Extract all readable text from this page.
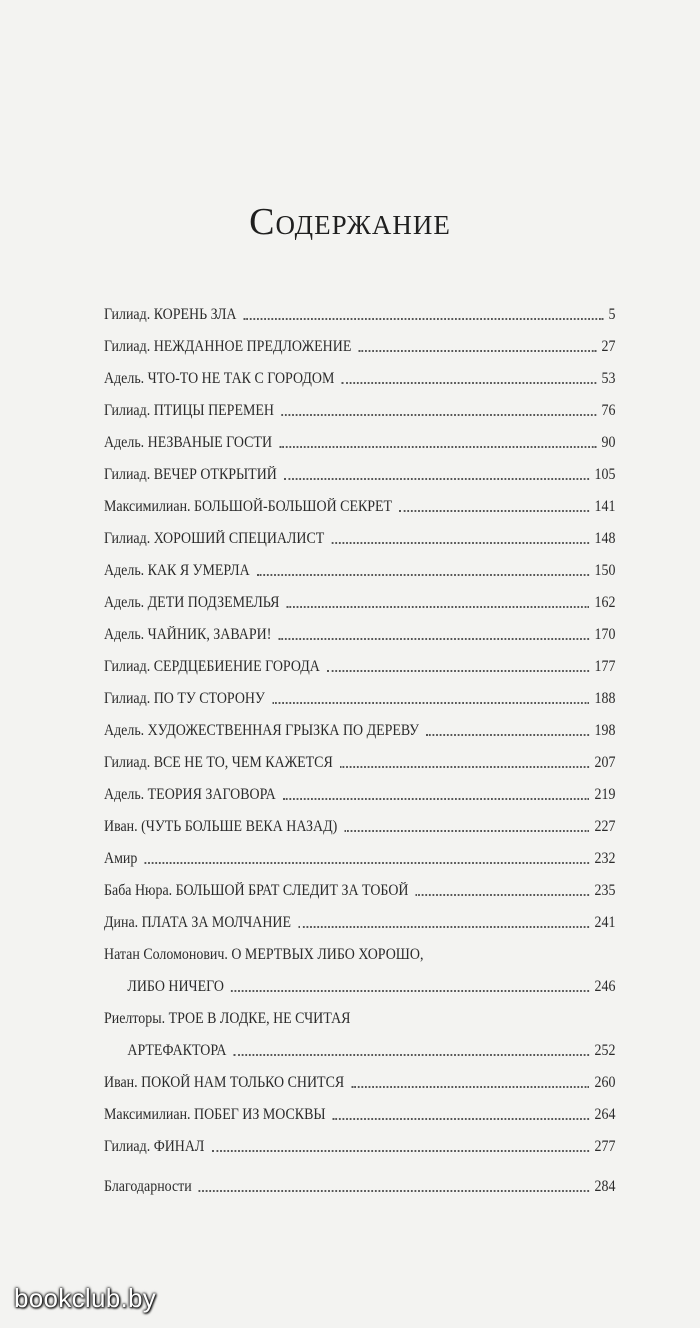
Содержание
Гилиад. КОРЕНЬ ЗЛА	5
Гилиад. НЕЖДАННОЕ ПРЕДЛОЖЕНИЕ	27
Адель. ЧТО-ТО НЕ ТАК С ГОРОДОМ	53
Гилиад. ПТИЦЫ ПЕРЕМЕН	76
Адель. НЕЗВАНЫЕ ГОСТИ	90
Гилиад. ВЕЧЕР ОТКРЫТИЙ	105
Максимилиан. БОЛЬШОЙ-БОЛЬШОЙ СЕКРЕТ	141
Гилиад. ХОРОШИЙ СПЕЦИАЛИСТ	148
Адель. КАК Я УМЕРЛА	150
Адель. ДЕТИ ПОДЗЕМЕЛЬЯ	162
Адель. ЧАЙНИК, ЗАВАРИ!	170
Гилиад. СЕРДЦЕБИЕНИЕ ГОРОДА	177
Гилиад. ПО ТУ СТОРОНУ	188
Адель. ХУДОЖЕСТВЕННАЯ ГРЫЗКА ПО ДЕРЕВУ	198
Гилиад. ВСЕ НЕ ТО, ЧЕМ КАЖЕТСЯ	207
Адель. ТЕОРИЯ ЗАГОВОРА	219
Иван. (ЧУТЬ БОЛЬШЕ ВЕКА НАЗАД)	227
Амир	232
Баба Нюра. БОЛЬШОЙ БРАТ СЛЕДИТ ЗА ТОБОЙ	235
Дина. ПЛАТА ЗА МОЛЧАНИЕ	241
Натан Соломонович. О МЕРТВЫХ ЛИБО ХОРОШО,
ЛИБО НИЧЕГО	246
Риелторы. ТРОЕ В ЛОДКЕ, НЕ СЧИТАЯ
АРТЕФАКТОРА	252
Иван. ПОКОЙ НАМ ТОЛЬКО СНИТСЯ	260
Максимилиан. ПОБЕГ ИЗ МОСКВЫ	264
Гилиад. ФИНАЛ	277
Благодарности	284
bookclub.by
